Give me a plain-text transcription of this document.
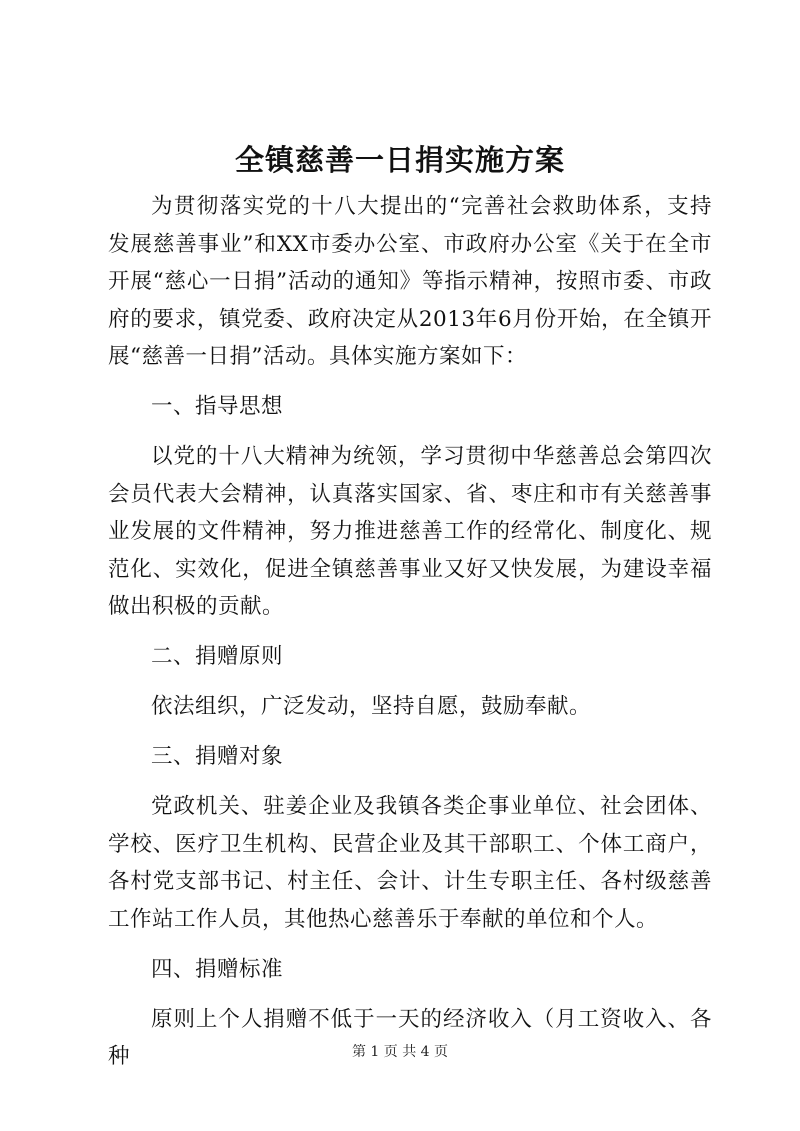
全镇慈善一日捐实施方案

为贯彻落实党的十八大提出的“完善社会救助体系，支持发展慈善事业”和XX市委办公室、市政府办公室《关于在全市开展“慈心一日捐”活动的通知》等指示精神，按照市委、市政府的要求，镇党委、政府决定从2013年6月份开始，在全镇开展“慈善一日捐”活动。具体实施方案如下：

一、指导思想

以党的十八大精神为统领，学习贯彻中华慈善总会第四次会员代表大会精神，认真落实国家、省、枣庄和市有关慈善事业发展的文件精神，努力推进慈善工作的经常化、制度化、规范化、实效化，促进全镇慈善事业又好又快发展，为建设幸福做出积极的贡献。

二、捐赠原则

依法组织，广泛发动，坚持自愿，鼓励奉献。

三、捐赠对象

党政机关、驻姜企业及我镇各类企事业单位、社会团体、学校、医疗卫生机构、民营企业及其干部职工、个体工商户，各村党支部书记、村主任、会计、计生专职主任、各村级慈善工作站工作人员，其他热心慈善乐于奉献的单位和个人。

四、捐赠标准

原则上个人捐赠不低于一天的经济收入（月工资收入、各种	第 1 页 共 4 页
